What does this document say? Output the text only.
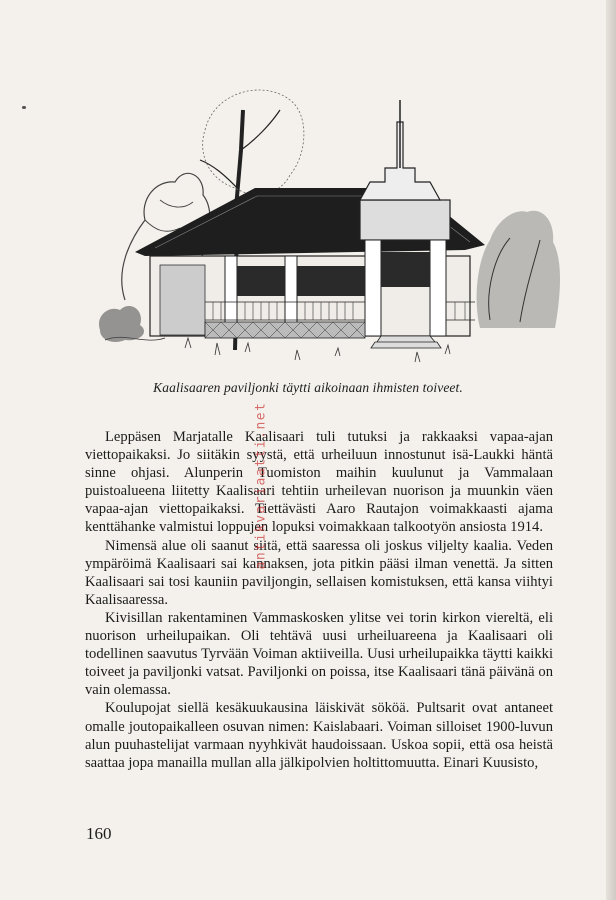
Kaalisaaren paviljonki täytti aikoinaan ihmisten toiveet.

Leppäsen Marjatalle Kaalisaari tuli tutuksi ja rakkaaksi vapaa-ajan viettopaikaksi. Jo siitäkin syystä, että urheiluun innostunut isä-Laukki häntä sinne ohjasi. Alunperin Tuomiston maihin kuulunut ja Vammalaan puistoalueena liitetty Kaalisaari tehtiin urheilevan nuorison ja muunkin väen vapaa-ajan viettopaikaksi. Tiettävästi Aaro Rautajon voimakkaasti ajama kenttähanke valmistui loppujen lopuksi voimakkaan talkootyön ansiosta 1914.

Nimensä alue oli saanut siitä, että saaressa oli joskus viljelty kaalia. Veden ympäröimä Kaalisaari sai kannaksen, jota pitkin pääsi ilman venettä. Ja sitten Kaalisaari sai tosi kauniin paviljongin, sellaisen komistuksen, että kansa viihtyi Kaalisaaressa.

Kivisillan rakentaminen Vammaskosken ylitse vei torin kirkon viereltä, eli nuorison urheilupaikan. Oli tehtävä uusi urheiluareena ja Kaalisaari oli todellinen saavutus Tyrvään Voiman aktiiveilla. Uusi urheilupaikka täytti kaikki toiveet ja paviljonki vatsat. Paviljonki on poissa, itse Kaalisaari tänä päivänä on vain olemassa.

Koulupojat siellä kesäkuukausina läiskivät sököä. Pultsarit ovat antaneet omalle joutopaikalleen osuvan nimen: Kaislabaari. Voiman silloiset 1900-luvun alun puuhastelijat varmaan nyyhkivät haudoissaan. Uskoa sopii, että osa heistä saattaa jopa manailla mullan alla jälkipolvien holtittomuutta. Einari Kuusisto,

antikvariaatti.net
160
